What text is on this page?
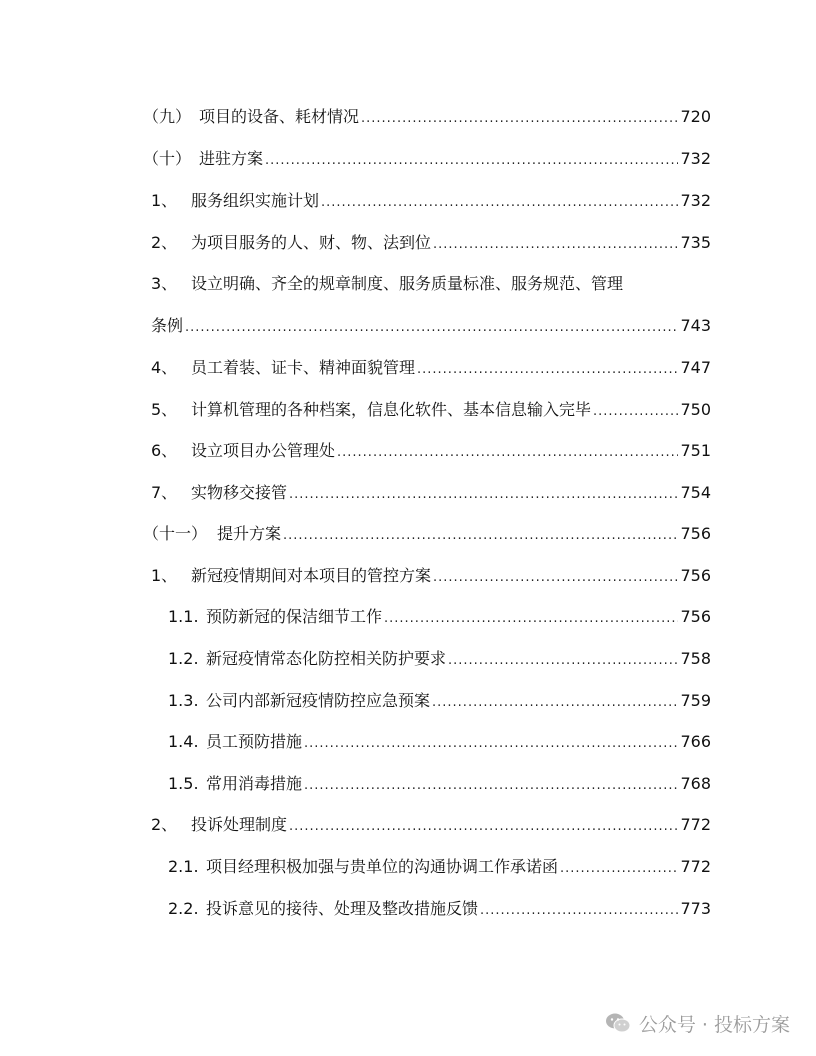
（九） 项目的设备、耗材情况 .....	720
（十） 进驻方案 .....	732
1、 服务组织实施计划 .....	732
2、 为项目服务的人、财、物、法到位 .....	735
3、 设立明确、齐全的规章制度、服务质量标准、服务规范、管理
条例 .....	743
4、 员工着装、证卡、精神面貌管理 .....	747
5、 计算机管理的各种档案，信息化软件、基本信息输入完毕 .....	750
6、 设立项目办公管理处 .....	751
7、 实物移交接管 .....	754
（十一） 提升方案 .....	756
1、 新冠疫情期间对本项目的管控方案 .....	756
1.1. 预防新冠的保洁细节工作 .....	756
1.2. 新冠疫情常态化防控相关防护要求 .....	758
1.3. 公司内部新冠疫情防控应急预案 .....	759
1.4. 员工预防措施 .....	766
1.5. 常用消毒措施 .....	768
2、 投诉处理制度 .....	772
2.1. 项目经理积极加强与贵单位的沟通协调工作承诺函 .....	772
2.2. 投诉意见的接待、处理及整改措施反馈 .....	773
公众号 · 投标方案
